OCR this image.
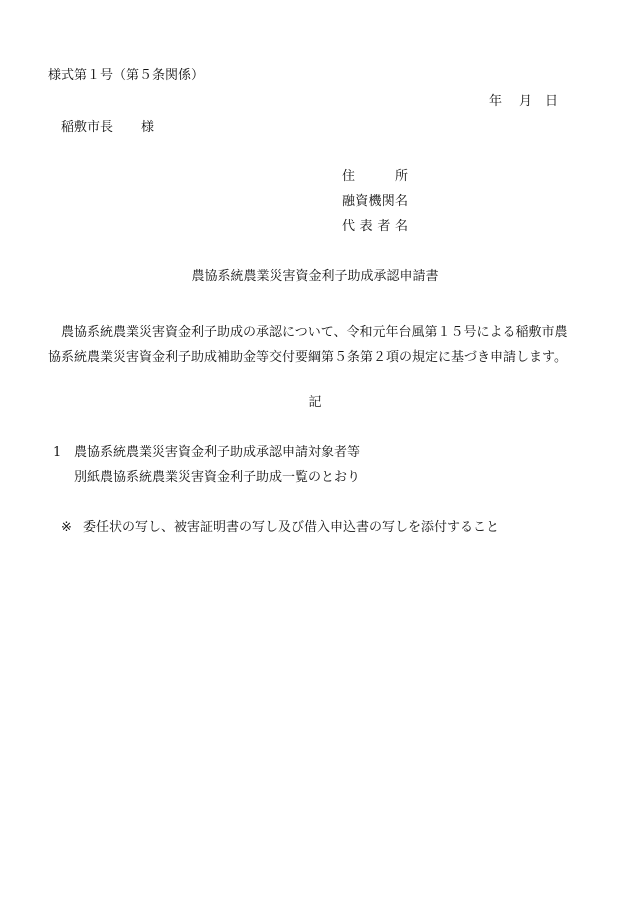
様式第１号（第５条関係）
年 月 日
稲敷市長 様
住所
融資機関名
代表者名
農協系統農業災害資金利子助成承認申請書
農協系統農業災害資金利子助成の承認について、令和元年台風第１５号による稲敷市農
協系統農業災害資金利子助成補助金等交付要綱第５条第２項の規定に基づき申請します。
記
1 農協系統農業災害資金利子助成承認申請対象者等
別紙農協系統農業災害資金利子助成一覧のとおり
※ 委任状の写し、被害証明書の写し及び借入申込書の写しを添付すること
